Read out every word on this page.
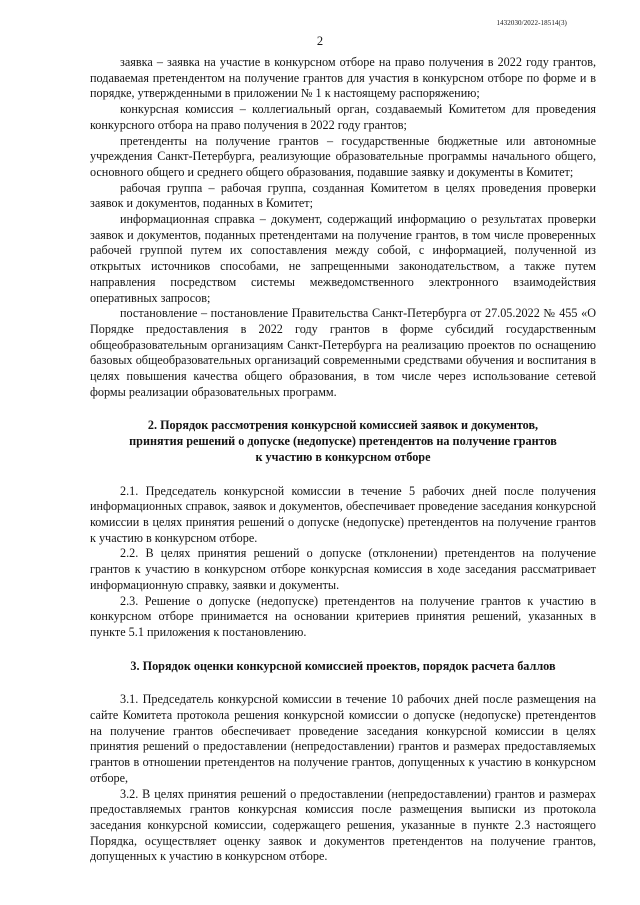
1432030/2022-18514(3)
2

заявка – заявка на участие в конкурсном отборе на право получения в 2022 году грантов, подаваемая претендентом на получение грантов для участия в конкурсном отборе по форме и в порядке, утвержденными в приложении № 1 к настоящему распоряжению;

конкурсная комиссия – коллегиальный орган, создаваемый Комитетом для проведения конкурсного отбора на право получения в 2022 году грантов;

претенденты на получение грантов – государственные бюджетные или автономные учреждения Санкт-Петербурга, реализующие образовательные программы начального общего, основного общего и среднего общего образования, подавшие заявку и документы в Комитет;

рабочая группа – рабочая группа, созданная Комитетом в целях проведения проверки заявок и документов, поданных в Комитет;

информационная справка – документ, содержащий информацию о результатах проверки заявок и документов, поданных претендентами на получение грантов, в том числе проверенных рабочей группой путем их сопоставления между собой, с информацией, полученной из открытых источников способами, не запрещенными законодательством, а также путем направления посредством системы межведомственного электронного взаимодействия оперативных запросов;

постановление – постановление Правительства Санкт-Петербурга от 27.05.2022 № 455 «О Порядке предоставления в 2022 году грантов в форме субсидий государственным общеобразовательным организациям Санкт-Петербурга на реализацию проектов по оснащению базовых общеобразовательных организаций современными средствами обучения и воспитания в целях повышения качества общего образования, в том числе через использование сетевой формы реализации образовательных программ.

2. Порядок рассмотрения конкурсной комиссией заявок и документов,
принятия решений о допуске (недопуске) претендентов на получение грантов
к участию в конкурсном отборе

2.1. Председатель конкурсной комиссии в течение 5 рабочих дней после получения информационных справок, заявок и документов, обеспечивает проведение заседания конкурсной комиссии в целях принятия решений о допуске (недопуске) претендентов на получение грантов к участию в конкурсном отборе.

2.2. В целях принятия решений о допуске (отклонении) претендентов на получение грантов к участию в конкурсном отборе конкурсная комиссия в ходе заседания рассматривает информационную справку, заявки и документы.

2.3. Решение о допуске (недопуске) претендентов на получение грантов к участию в конкурсном отборе принимается на основании критериев принятия решений, указанных в пункте 5.1 приложения к постановлению.

3. Порядок оценки конкурсной комиссией проектов, порядок расчета баллов

3.1. Председатель конкурсной комиссии в течение 10 рабочих дней после размещения на сайте Комитета протокола решения конкурсной комиссии о допуске (недопуске) претендентов на получение грантов обеспечивает проведение заседания конкурсной комиссии в целях принятия решений о предоставлении (непредоставлении) грантов и размерах предоставляемых грантов в отношении претендентов на получение грантов, допущенных к участию в конкурсном отборе,

3.2. В целях принятия решений о предоставлении (непредоставлении) грантов и размерах предоставляемых грантов конкурсная комиссия после размещения выписки из протокола заседания конкурсной комиссии, содержащего решения, указанные в пункте 2.3 настоящего Порядка, осуществляет оценку заявок и документов претендентов на получение грантов, допущенных к участию в конкурсном отборе.
